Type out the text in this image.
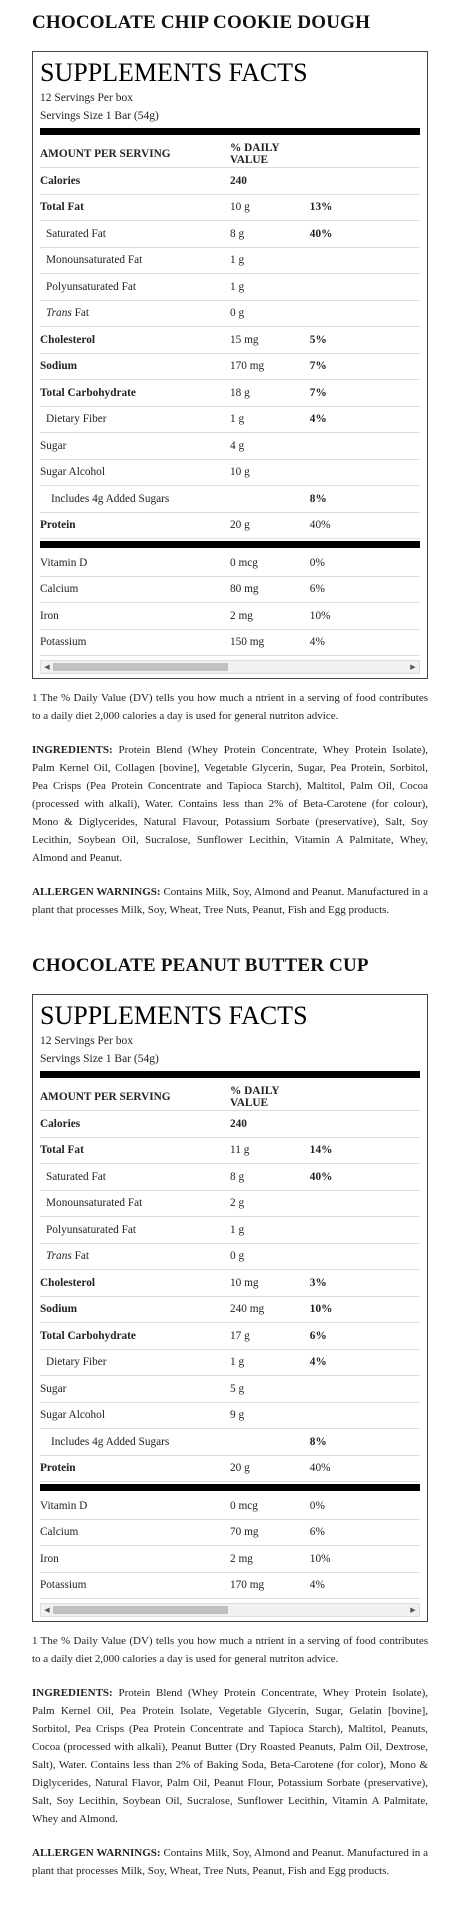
CHOCOLATE CHIP COOKIE DOUGH
SUPPLEMENTS FACTS
12 Servings Per box
Servings Size 1 Bar (54g)
AMOUNT PER SERVING	% DAILY VALUE	
Calories	240	
Total Fat	10 g	13%
Saturated Fat	8 g	40%
Monounsaturated Fat	1 g	
Polyunsaturated Fat	1 g	
Trans Fat	0 g	
Cholesterol	15 mg	5%
Sodium	170 mg	7%
Total Carbohydrate	18 g	7%
Dietary Fiber	1 g	4%
Sugar	4 g	
Sugar Alcohol	10 g	
Includes 4g Added Sugars		8%
Protein	20 g	40%
Vitamin D	0 mcg	0%
Calcium	80 mg	6%
Iron	2 mg	10%
Potassium	150 mg	4%
◀	▶

1 The % Daily Value (DV) tells you how much a ntrient in a serving of food contributes to a daily diet 2,000 calories a day is used for general nutriton advice.

INGREDIENTS: Protein Blend (Whey Protein Concentrate, Whey Protein Isolate), Palm Kernel Oil, Collagen [bovine], Vegetable Glycerin, Sugar, Pea Protein, Sorbitol, Pea Crisps (Pea Protein Concentrate and Tapioca Starch), Maltitol, Palm Oil, Cocoa (processed with alkali), Water. Contains less than 2% of Beta-Carotene (for colour), Mono & Diglycerides, Natural Flavour, Potassium Sorbate (preservative), Salt, Soy Lecithin, Soybean Oil, Sucralose, Sunflower Lecithin, Vitamin A Palmitate, Whey, Almond and Peanut.

ALLERGEN WARNINGS: Contains Milk, Soy, Almond and Peanut. Manufactured in a plant that processes Milk, Soy, Wheat, Tree Nuts, Peanut, Fish and Egg products.

CHOCOLATE PEANUT BUTTER CUP
SUPPLEMENTS FACTS
12 Servings Per box
Servings Size 1 Bar (54g)
AMOUNT PER SERVING	% DAILY VALUE	
Calories	240	
Total Fat	11 g	14%
Saturated Fat	8 g	40%
Monounsaturated Fat	2 g	
Polyunsaturated Fat	1 g	
Trans Fat	0 g	
Cholesterol	10 mg	3%
Sodium	240 mg	10%
Total Carbohydrate	17 g	6%
Dietary Fiber	1 g	4%
Sugar	5 g	
Sugar Alcohol	9 g	
Includes 4g Added Sugars		8%
Protein	20 g	40%
Vitamin D	0 mcg	0%
Calcium	70 mg	6%
Iron	2 mg	10%
Potassium	170 mg	4%
◀	▶

1 The % Daily Value (DV) tells you how much a ntrient in a serving of food contributes to a daily diet 2,000 calories a day is used for general nutriton advice.

INGREDIENTS: Protein Blend (Whey Protein Concentrate, Whey Protein Isolate), Palm Kernel Oil, Pea Protein Isolate, Vegetable Glycerin, Sugar, Gelatin [bovine], Sorbitol, Pea Crisps (Pea Protein Concentrate and Tapioca Starch), Maltitol, Peanuts, Cocoa (processed with alkali), Peanut Butter (Dry Roasted Peanuts, Palm Oil, Dextrose, Salt), Water. Contains less than 2% of Baking Soda, Beta-Carotene (for color), Mono & Diglycerides, Natural Flavor, Palm Oil, Peanut Flour, Potassium Sorbate (preservative), Salt, Soy Lecithin, Soybean Oil, Sucralose, Sunflower Lecithin, Vitamin A Palmitate, Whey and Almond.

ALLERGEN WARNINGS: Contains Milk, Soy, Almond and Peanut. Manufactured in a plant that processes Milk, Soy, Wheat, Tree Nuts, Peanut, Fish and Egg products.
